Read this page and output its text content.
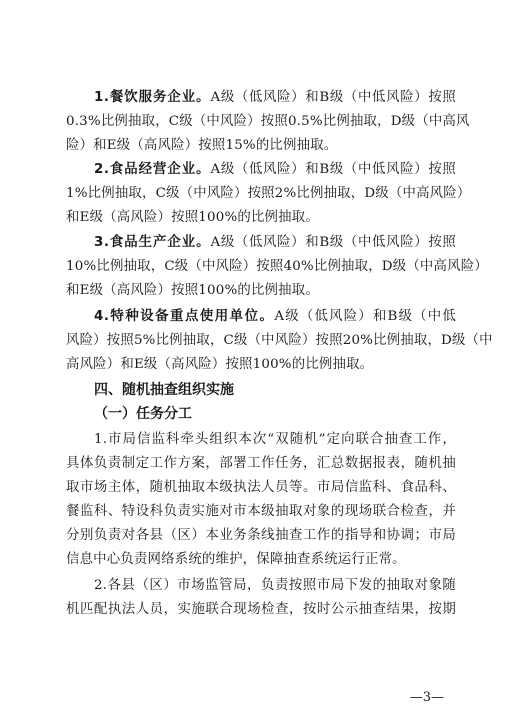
1.餐饮服务企业。A级（低风险）和B级（中低风险）按照
0.3%比例抽取，C级（中风险）按照0.5%比例抽取，D级（中高风
险）和E级（高风险）按照15%的比例抽取。
2.食品经营企业。A级（低风险）和B级（中低风险）按照
1%比例抽取，C级（中风险）按照2%比例抽取，D级（中高风险）
和E级（高风险）按照100%的比例抽取。
3.食品生产企业。A级（低风险）和B级（中低风险）按照
10%比例抽取，C级（中风险）按照40%比例抽取，D级（中高风险）
和E级（高风险）按照100%的比例抽取。
4.特种设备重点使用单位。A级（低风险）和B级（中低
风险）按照5%比例抽取，C级（中风险）按照20%比例抽取，D级（中
高风险）和E级（高风险）按照100%的比例抽取。
四、随机抽查组织实施
（一）任务分工
1.市局信监科牵头组织本次“双随机”定向联合抽查工作，
具体负责制定工作方案，部署工作任务，汇总数据报表，随机抽
取市场主体，随机抽取本级执法人员等。市局信监科、食品科、
餐监科、特设科负责实施对市本级抽取对象的现场联合检查，并
分别负责对各县（区）本业务条线抽查工作的指导和协调；市局
信息中心负责网络系统的维护，保障抽查系统运行正常。
2.各县（区）市场监管局，负责按照市局下发的抽取对象随
机匹配执法人员，实施联合现场检查，按时公示抽查结果，按期
—3—
